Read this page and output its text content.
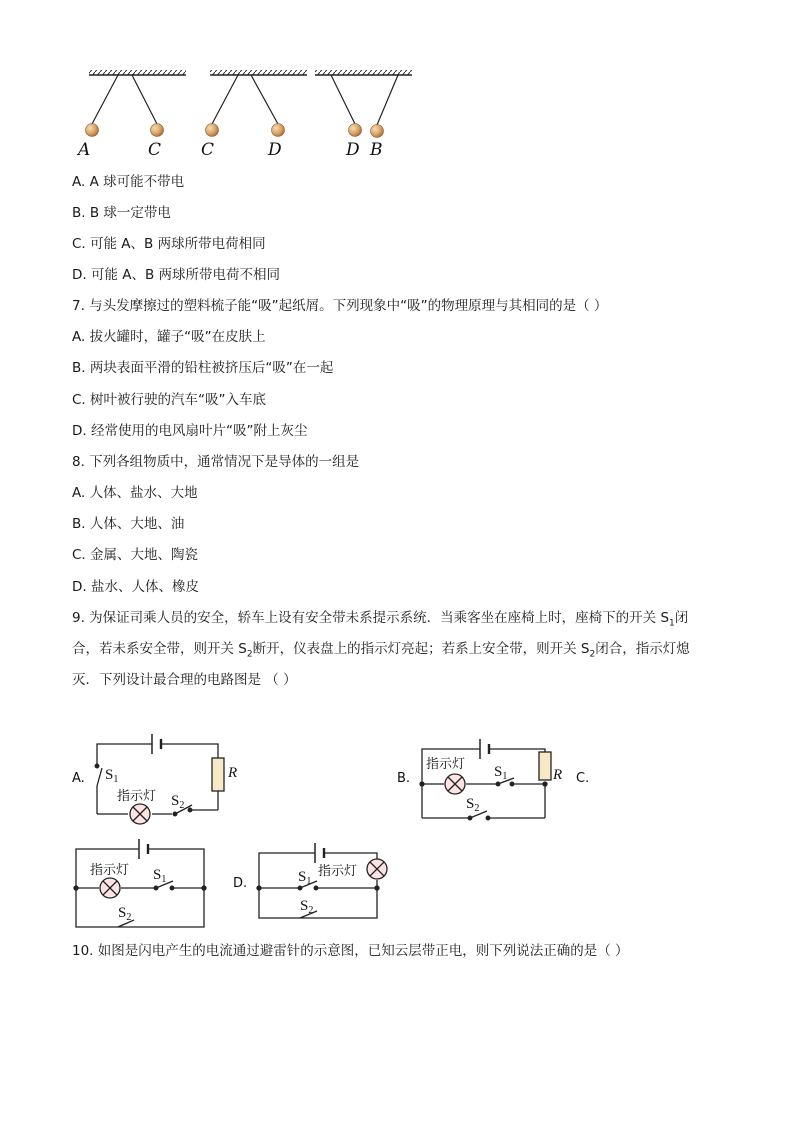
A	C C	D	D B
A. A 球可能不带电
B. B 球一定带电
C. 可能 A、B 两球所带电荷相同
D. 可能 A、B 两球所带电荷不相同
7. 与头发摩擦过的塑料梳子能“吸”起纸屑。下列现象中“吸”的物理原理与其相同的是（ ）
A. 拔火罐时，罐子“吸”在皮肤上
B. 两块表面平滑的铅柱被挤压后“吸”在一起
C. 树叶被行驶的汽车“吸”入车底
D. 经常使用的电风扇叶片“吸”附上灰尘
8. 下列各组物质中，通常情况下是导体的一组是
A. 人体、盐水、大地
B. 人体、大地、油
C. 金属、大地、陶瓷
D. 盐水、人体、橡皮
9. 为保证司乘人员的安全，轿车上设有安全带未系提示系统．当乘客坐在座椅上时，座椅下的开关 $S_1$闭
合，若未系安全带，则开关 $S_2$断开，仪表盘上的指示灯亮起；若系上安全带，则开关 $S_2$闭合，指示灯熄
灭．下列设计最合理的电路图是 （ ）
A.	B.	C.
D.
$S_1$
指示灯 $S_2$
R
指示灯 $S_1$
$S_2$
R
指示灯 $S_1$
$S_2$
$S_1$
指示灯
$S_2$
10. 如图是闪电产生的电流通过避雷针的示意图，已知云层带正电，则下列说法正确的是（ ）
